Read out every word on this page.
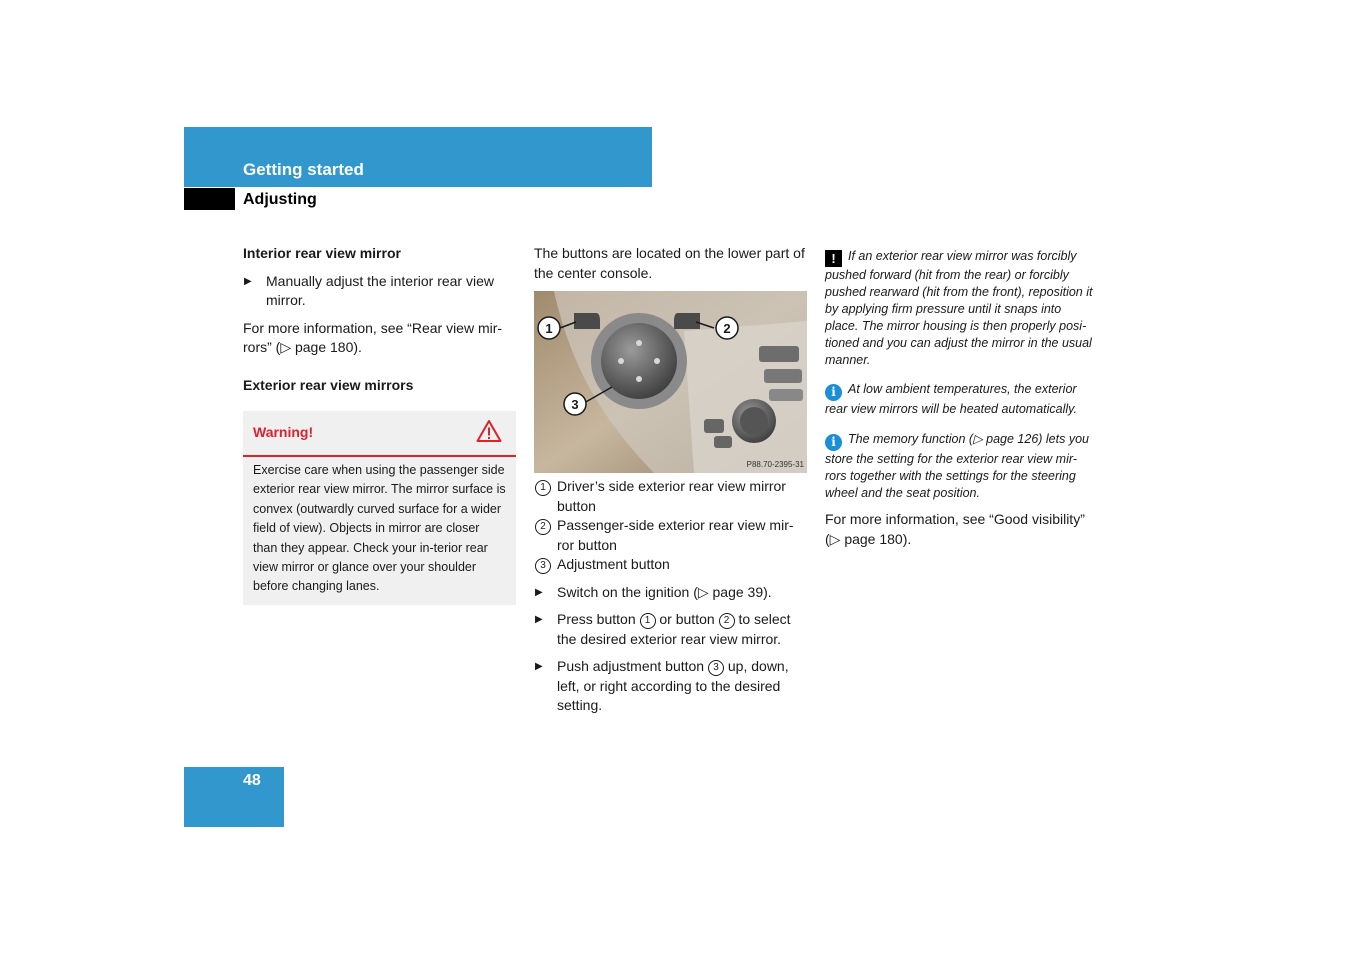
Getting started
Adjusting

Interior rear view mirror

▶ Manually adjust the interior rear view mirror.

For more information, see “Rear view mir-rors” (▷ page 180).

Exterior rear view mirrors

Warning!
Exercise care when using the passenger side exterior rear view mirror. The mirror surface is convex (outwardly curved surface for a wider field of view). Objects in mirror are closer than they appear. Check your in-terior rear view mirror or glance over your shoulder before changing lanes.

The buttons are located on the lower part of the center console.

1	2
3
P88.70-2395-31
1 Driver’s side exterior rear view mirror button
2 Passenger-side exterior rear view mir-ror button
3 Adjustment button
▶ Switch on the ignition (▷ page 39).
▶ Press button 1 or button 2 to select the desired exterior rear view mirror.
▶ Push adjustment button 3 up, down, left, or right according to the desired setting.

! If an exterior rear view mirror was forcibly pushed forward (hit from the rear) or forcibly pushed rearward (hit from the front), reposition it by applying firm pressure until it snaps into place. The mirror housing is then properly posi-tioned and you can adjust the mirror in the usual manner.

i At low ambient temperatures, the exterior rear view mirrors will be heated automatically.

i The memory function (▷ page 126) lets you store the setting for the exterior rear view mir-rors together with the settings for the steering wheel and the seat position.

For more information, see “Good visibility” (▷ page 180).

48
